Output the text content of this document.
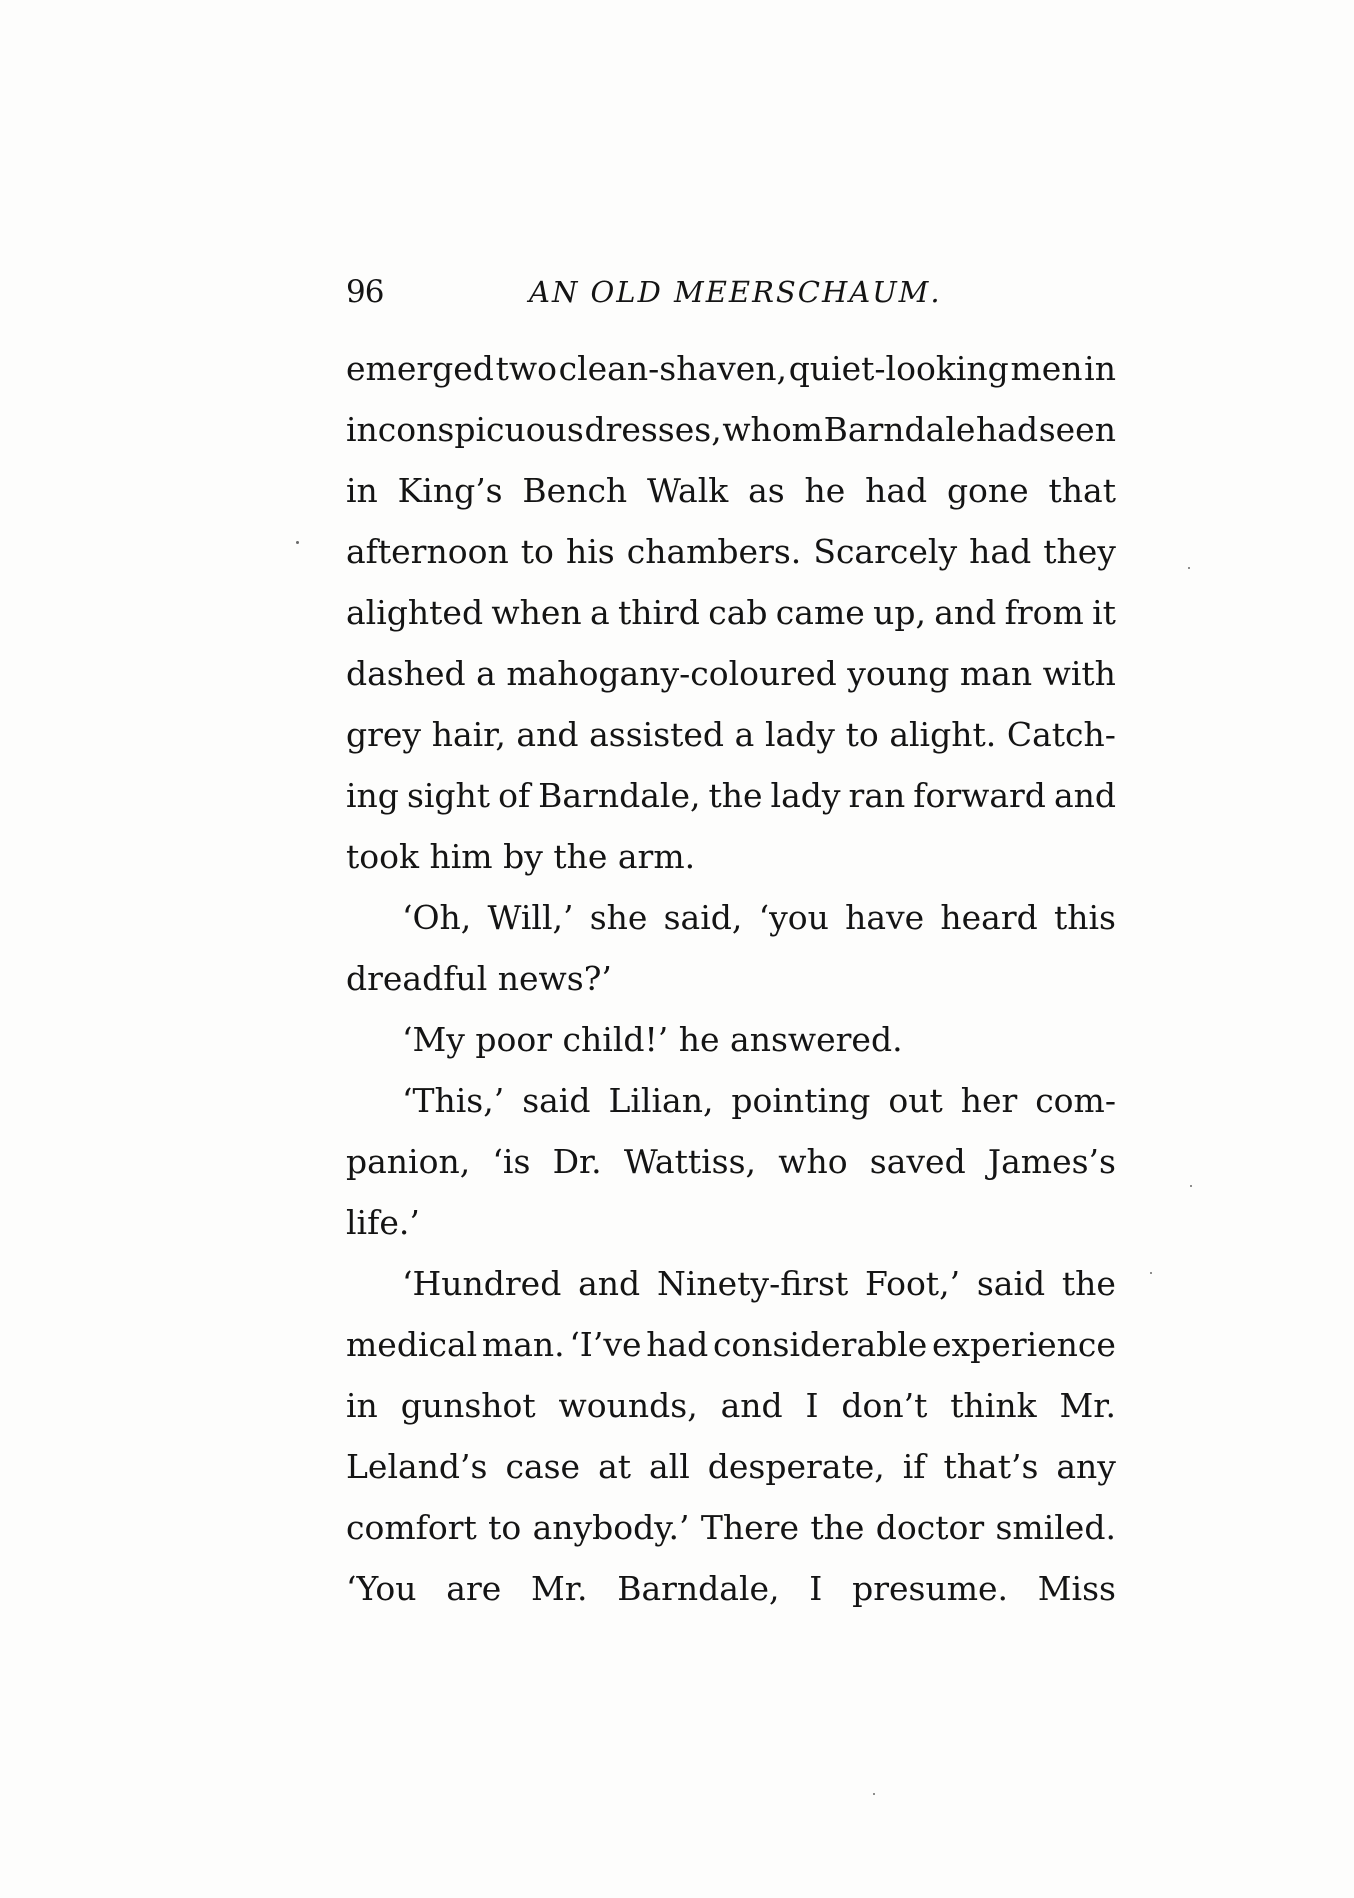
96	AN OLD MEERSCHAUM.
emerged two clean-shaven, quiet-looking men in
inconspicuous dresses, whom Barndale had seen
in King’s Bench Walk as he had gone that
afternoon to his chambers. Scarcely had they
alighted when a third cab came up, and from it
dashed a mahogany-coloured young man with
grey hair, and assisted a lady to alight. Catch-
ing sight of Barndale, the lady ran forward and
took him by the arm.
‘Oh, Will,’ she said, ‘you have heard this
dreadful news?’
‘My poor child!’ he answered.
‘This,’ said Lilian, pointing out her com-
panion, ‘is Dr. Wattiss, who saved James’s
life.’
‘Hundred and Ninety-first Foot,’ said the
medical man. ‘I’ve had considerable experience
in gunshot wounds, and I don’t think Mr.
Leland’s case at all desperate, if that’s any
comfort to anybody.’ There the doctor smiled.
‘You are Mr. Barndale, I presume. Miss
